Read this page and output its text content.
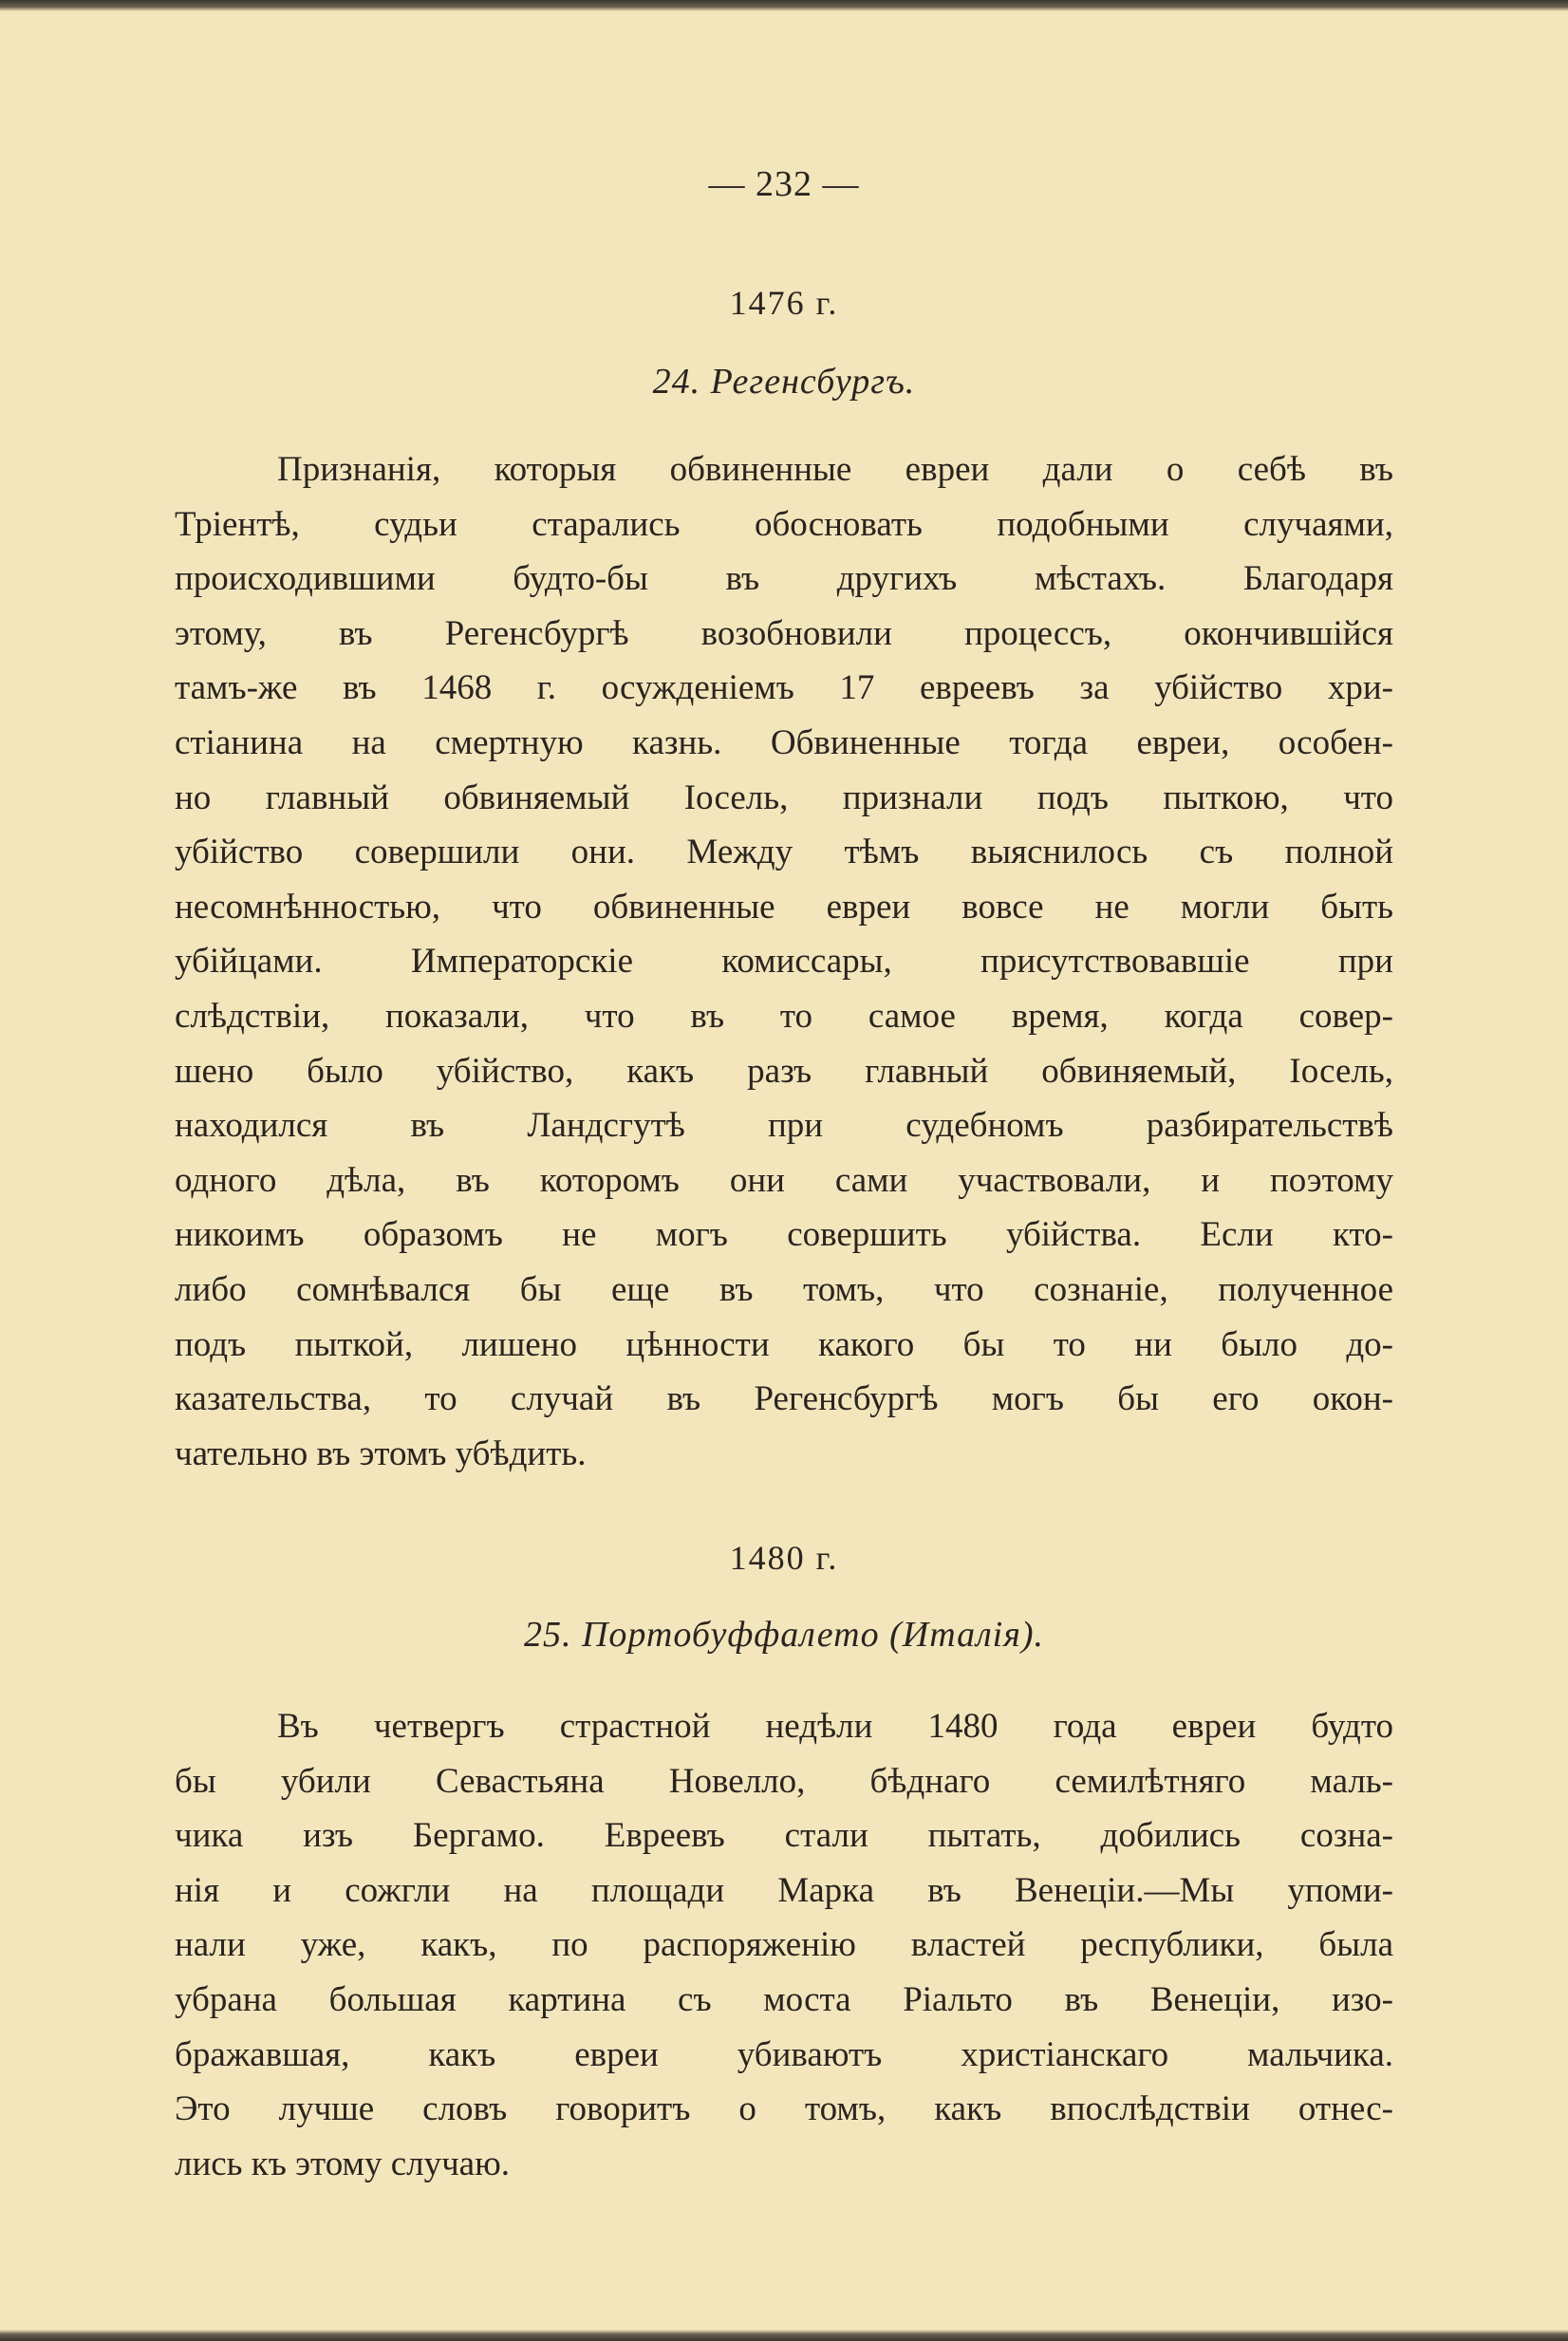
— 232 —
1476 г.
24. Регенсбургъ.
Признанія, которыя обвиненные евреи дали о себѣ въ
Тріентѣ, судьи старались обосновать подобными случаями,
происходившими будто-бы въ другихъ мѣстахъ. Благодаря
этому, въ Регенсбургѣ возобновили процессъ, окончившійся
тамъ-же въ 1468 г. осужденіемъ 17 евреевъ за убійство хри-
стіанина на смертную казнь. Обвиненные тогда евреи, особен-
но главный обвиняемый Іосель, признали подъ пыткою, что
убійство совершили они. Между тѣмъ выяснилось съ полной
несомнѣнностью, что обвиненные евреи вовсе не могли быть
убійцами. Императорскіе комиссары, присутствовавшіе при
слѣдствіи, показали, что въ то самое время, когда совер-
шено было убійство, какъ разъ главный обвиняемый, Іосель,
находился въ Ландсгутѣ при судебномъ разбирательствѣ
одного дѣла, въ которомъ они сами участвовали, и поэтому
никоимъ образомъ не могъ совершить убійства. Если кто-
либо сомнѣвался бы еще въ томъ, что сознаніе, полученное
подъ пыткой, лишено цѣнности какого бы то ни было до-
казательства, то случай въ Регенсбургѣ могъ бы его окон-
чательно въ этомъ убѣдить.
1480 г.
25. Портобуффалето (Италія).
Въ четвергъ страстной недѣли 1480 года евреи будто
бы убили Севастьяна Новелло, бѣднаго семилѣтняго маль-
чика изъ Бергамо. Евреевъ стали пытать, добились созна-
нія и сожгли на площади Марка въ Венеціи.—Мы упоми-
нали уже, какъ, по распоряженію властей республики, была
убрана большая картина съ моста Ріальто въ Венеціи, изо-
бражавшая, какъ евреи убиваютъ христіанскаго мальчика.
Это лучше словъ говоритъ о томъ, какъ впослѣдствіи отнес-
лись къ этому случаю.
